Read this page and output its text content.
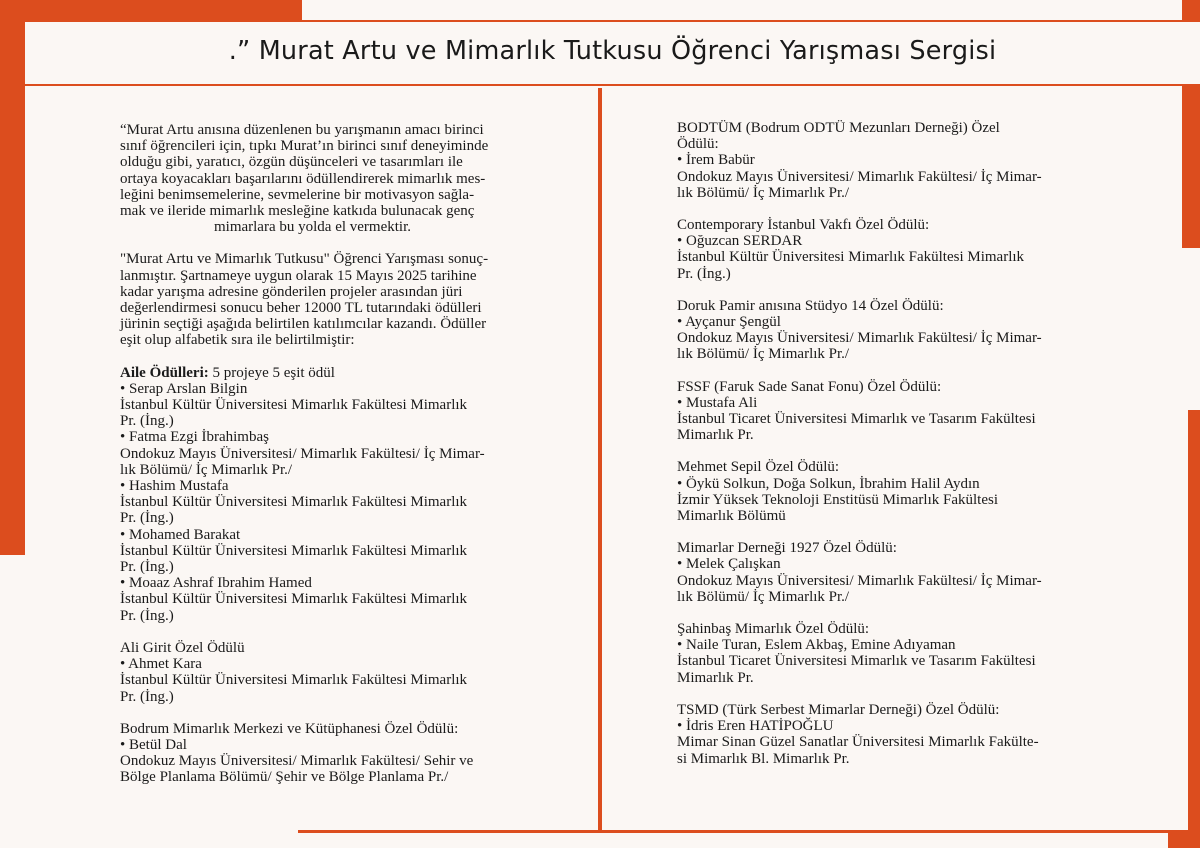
.” Murat Artu ve Mimarlık Tutkusu Öğrenci Yarışması Sergisi

“Murat Artu anısına düzenlenen bu yarışmanın amacı birinci

sınıf öğrencileri için, tıpkı Murat’ın birinci sınıf deneyiminde

olduğu gibi, yaratıcı, özgün düşünceleri ve tasarımları ile

ortaya koyacakları başarılarını ödüllendirerek mimarlık mes-

leğini benimsemelerine, sevmelerine bir motivasyon sağla-

mak ve ileride mimarlık mesleğine katkıda bulunacak genç

mimarlara bu yolda el vermektir.

"Murat Artu ve Mimarlık Tutkusu" Öğrenci Yarışması sonuç-

lanmıştır. Şartnameye uygun olarak 15 Mayıs 2025 tarihine

kadar yarışma adresine gönderilen projeler arasından jüri

değerlendirmesi sonucu beher 12000 TL tutarındaki ödülleri

jürinin seçtiği aşağıda belirtilen katılımcılar kazandı. Ödüller

eşit olup alfabetik sıra ile belirtilmiştir:

Aile Ödülleri: 5 projeye 5 eşit ödül

• Serap Arslan Bilgin

İstanbul Kültür Üniversitesi Mimarlık Fakültesi Mimarlık

Pr. (İng.)

• Fatma Ezgi İbrahimbaş

Ondokuz Mayıs Üniversitesi/ Mimarlık Fakültesi/ İç Mimar-

lık Bölümü/ İç Mimarlık Pr./

• Hashim Mustafa

İstanbul Kültür Üniversitesi Mimarlık Fakültesi Mimarlık

Pr. (İng.)

• Mohamed Barakat

İstanbul Kültür Üniversitesi Mimarlık Fakültesi Mimarlık

Pr. (İng.)

• Moaaz Ashraf Ibrahim Hamed

İstanbul Kültür Üniversitesi Mimarlık Fakültesi Mimarlık

Pr. (İng.)

Ali Girit Özel Ödülü

• Ahmet Kara

İstanbul Kültür Üniversitesi Mimarlık Fakültesi Mimarlık

Pr. (İng.)

Bodrum Mimarlık Merkezi ve Kütüphanesi Özel Ödülü:

• Betül Dal

Ondokuz Mayıs Üniversitesi/ Mimarlık Fakültesi/ Sehir ve

Bölge Planlama Bölümü/ Şehir ve Bölge Planlama Pr./

BODTÜM (Bodrum ODTÜ Mezunları Derneği) Özel

Ödülü:

• İrem Babür

Ondokuz Mayıs Üniversitesi/ Mimarlık Fakültesi/ İç Mimar-

lık Bölümü/ İç Mimarlık Pr./

Contemporary İstanbul Vakfı Özel Ödülü:

• Oğuzcan SERDAR

İstanbul Kültür Üniversitesi Mimarlık Fakültesi Mimarlık

Pr. (İng.)

Doruk Pamir anısına Stüdyo 14 Özel Ödülü:

• Ayçanur Şengül

Ondokuz Mayıs Üniversitesi/ Mimarlık Fakültesi/ İç Mimar-

lık Bölümü/ İç Mimarlık Pr./

FSSF (Faruk Sade Sanat Fonu) Özel Ödülü:

• Mustafa Ali

İstanbul Ticaret Üniversitesi Mimarlık ve Tasarım Fakültesi

Mimarlık Pr.

Mehmet Sepil Özel Ödülü:

• Öykü Solkun, Doğa Solkun, İbrahim Halil Aydın

İzmir Yüksek Teknoloji Enstitüsü Mimarlık Fakültesi

Mimarlık Bölümü

Mimarlar Derneği 1927 Özel Ödülü:

• Melek Çalışkan

Ondokuz Mayıs Üniversitesi/ Mimarlık Fakültesi/ İç Mimar-

lık Bölümü/ İç Mimarlık Pr./

Şahinbaş Mimarlık Özel Ödülü:

• Naile Turan, Eslem Akbaş, Emine Adıyaman

İstanbul Ticaret Üniversitesi Mimarlık ve Tasarım Fakültesi

Mimarlık Pr.

TSMD (Türk Serbest Mimarlar Derneği) Özel Ödülü:

• İdris Eren HATİPOĞLU

Mimar Sinan Güzel Sanatlar Üniversitesi Mimarlık Fakülte-

si Mimarlık Bl. Mimarlık Pr.
